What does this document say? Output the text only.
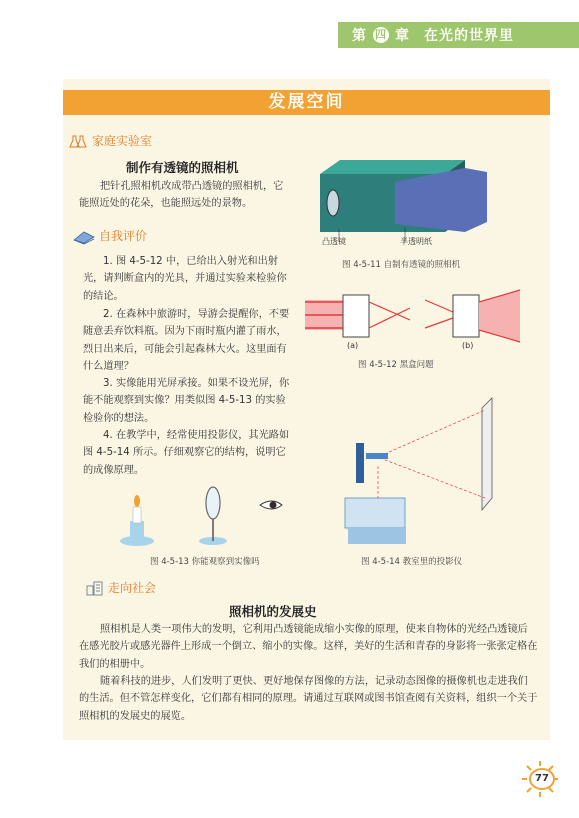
第 四 章 在光的世界里
发展空间
家庭实验室
制作有透镜的照相机
把针孔照相机改成带凸透镜的照相机，它能照近处的花朵，也能照远处的景物。
凸透镜	半透明纸
图 4-5-11 自制有透镜的照相机
自我评价
1. 图 4-5-12 中，已给出入射光和出射光，请判断盒内的光具，并通过实验来检验你的结论。
2. 在森林中旅游时，导游会提醒你，不要随意丢弃饮料瓶。因为下雨时瓶内灌了雨水，烈日出来后，可能会引起森林大火。这里面有什么道理？
3. 实像能用光屏承接。如果不设光屏，你能不能观察到实像？用类似图 4-5-13 的实验检验你的想法。
4. 在教学中，经常使用投影仪，其光路如图 4-5-14 所示。仔细观察它的结构，说明它的成像原理。
(a)	(b)
图 4-5-12 黑盒问题
图 4-5-14 教室里的投影仪
图 4-5-13 你能观察到实像吗
走向社会
照相机的发展史
照相机是人类一项伟大的发明，它利用凸透镜能成缩小实像的原理，使来自物体的光经凸透镜后在感光胶片或感光器件上形成一个倒立、缩小的实像。这样，美好的生活和青春的身影将一张张定格在我们的相册中。
随着科技的进步，人们发明了更快、更好地保存图像的方法，记录动态图像的摄像机也走进我们的生活。但不管怎样变化，它们都有相同的原理。请通过互联网或图书馆查阅有关资料，组织一个关于照相机的发展史的展览。
77
